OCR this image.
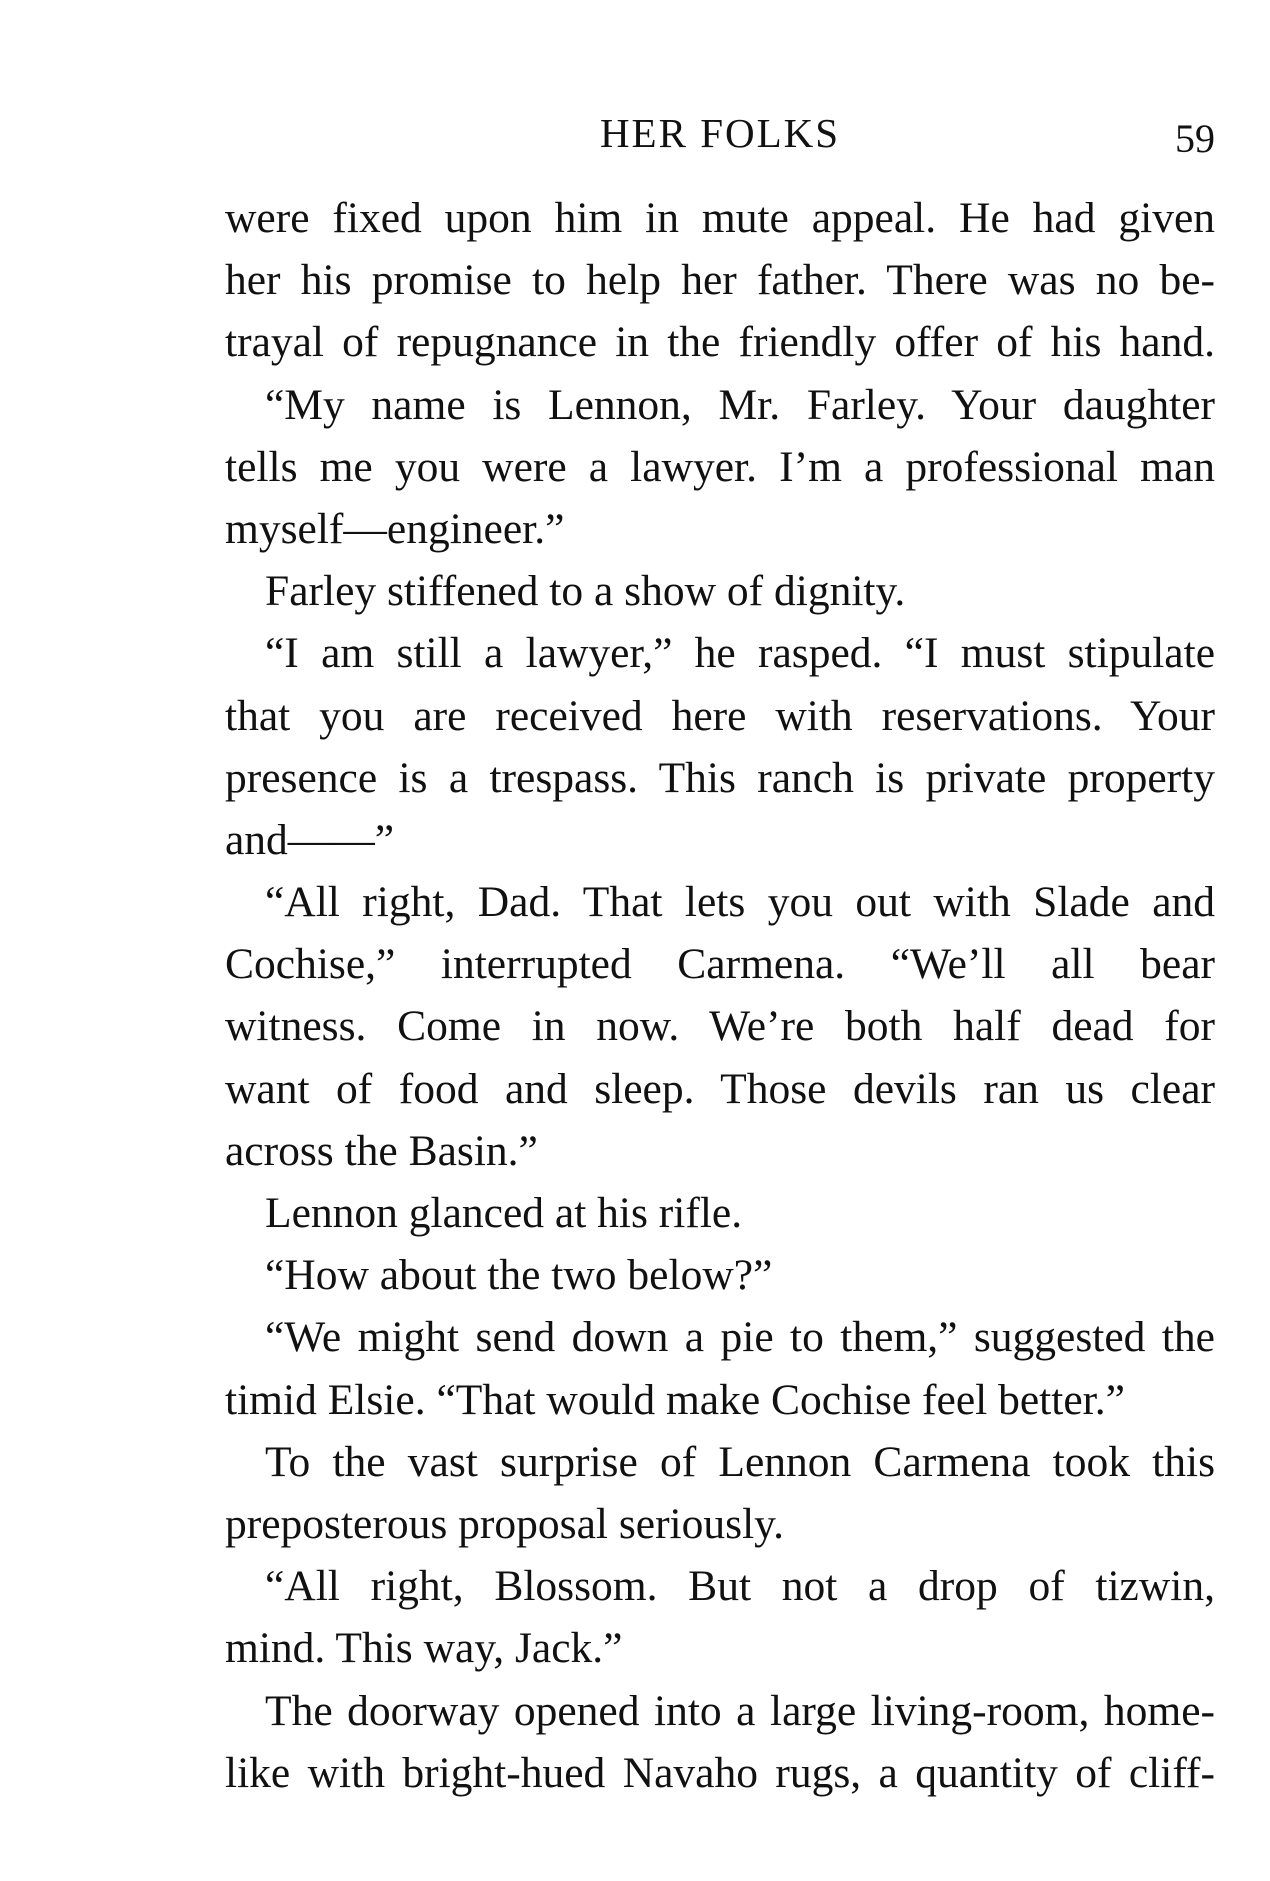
HER FOLKS	59
were fixed upon him in mute appeal. He had given
her his promise to help her father. There was no be-
trayal of repugnance in the friendly offer of his hand.
“My name is Lennon, Mr. Farley. Your daughter
tells me you were a lawyer. I’m a professional man
myself—engineer.”
Farley stiffened to a show of dignity.
“I am still a lawyer,” he rasped. “I must stipulate
that you are received here with reservations. Your
presence is a trespass. This ranch is private property
and——”
“All right, Dad. That lets you out with Slade and
Cochise,” interrupted Carmena. “We’ll all bear
witness. Come in now. We’re both half dead for
want of food and sleep. Those devils ran us clear
across the Basin.”
Lennon glanced at his rifle.
“How about the two below?”
“We might send down a pie to them,” suggested the
timid Elsie. “That would make Cochise feel better.”
To the vast surprise of Lennon Carmena took this
preposterous proposal seriously.
“All right, Blossom. But not a drop of tizwin,
mind. This way, Jack.”
The doorway opened into a large living-room, home-
like with bright-hued Navaho rugs, a quantity of cliff-
